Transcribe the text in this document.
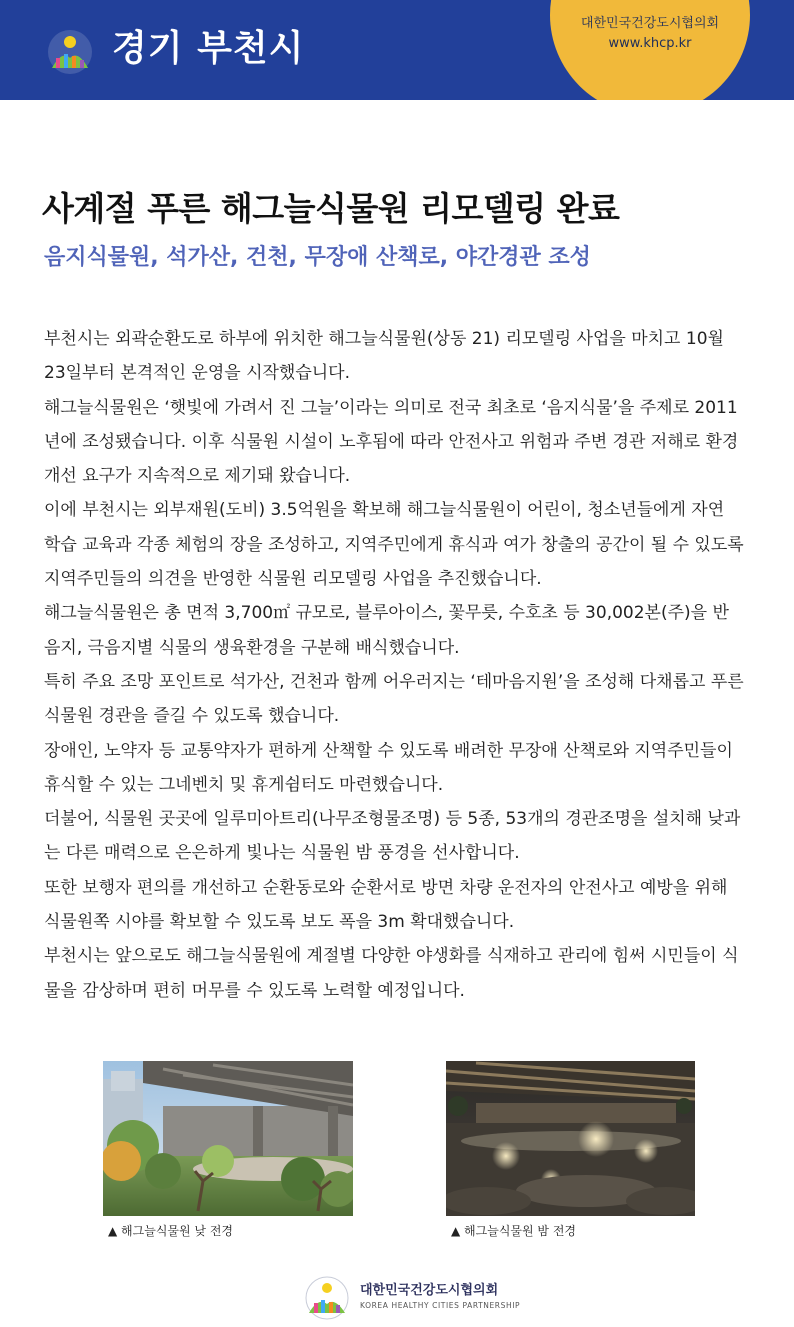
경기 부천시
대한민국건강도시협의회
www.khcp.kr
사계절 푸른 해그늘식물원 리모델링 완료
음지식물원, 석가산, 건천, 무장애 산책로, 야간경관 조성

부천시는 외곽순환도로 하부에 위치한 해그늘식물원(상동 21) 리모델링 사업을 마치고 10월 23일부터 본격적인 운영을 시작했습니다.

해그늘식물원은 ‘햇빛에 가려서 진 그늘’이라는 의미로 전국 최초로 ‘음지식물’을 주제로 2011년에 조성됐습니다. 이후 식물원 시설이 노후됨에 따라 안전사고 위험과 주변 경관 저해로 환경 개선 요구가 지속적으로 제기돼 왔습니다.

이에 부천시는 외부재원(도비) 3.5억원을 확보해 해그늘식물원이 어린이, 청소년들에게 자연 학습 교육과 각종 체험의 장을 조성하고, 지역주민에게 휴식과 여가 창출의 공간이 될 수 있도록 지역주민들의 의견을 반영한 식물원 리모델링 사업을 추진했습니다.

해그늘식물원은 총 면적 3,700㎡ 규모로, 블루아이스, 꽃무릇, 수호초 등 30,002본(주)을 반음지, 극음지별 식물의 생육환경을 구분해 배식했습니다.

특히 주요 조망 포인트로 석가산, 건천과 함께 어우러지는 ‘테마음지원’을 조성해 다채롭고 푸른 식물원 경관을 즐길 수 있도록 했습니다.

장애인, 노약자 등 교통약자가 편하게 산책할 수 있도록 배려한 무장애 산책로와 지역주민들이 휴식할 수 있는 그네벤치 및 휴게쉼터도 마련했습니다.

더불어, 식물원 곳곳에 일루미아트리(나무조형물조명) 등 5종, 53개의 경관조명을 설치해 낮과는 다른 매력으로 은은하게 빛나는 식물원 밤 풍경을 선사합니다.

또한 보행자 편의를 개선하고 순환동로와 순환서로 방면 차량 운전자의 안전사고 예방을 위해 식물원쪽 시야를 확보할 수 있도록 보도 폭을 3m 확대했습니다.

부천시는 앞으로도 해그늘식물원에 계절별 다양한 야생화를 식재하고 관리에 힘써 시민들이 식물을 감상하며 편히 머무를 수 있도록 노력할 예정입니다.

▲ 해그늘식물원 낮 전경	▲ 해그늘식물원 밤 전경
대한민국건강도시협의회
KOREA HEALTHY CITIES PARTNERSHIP
